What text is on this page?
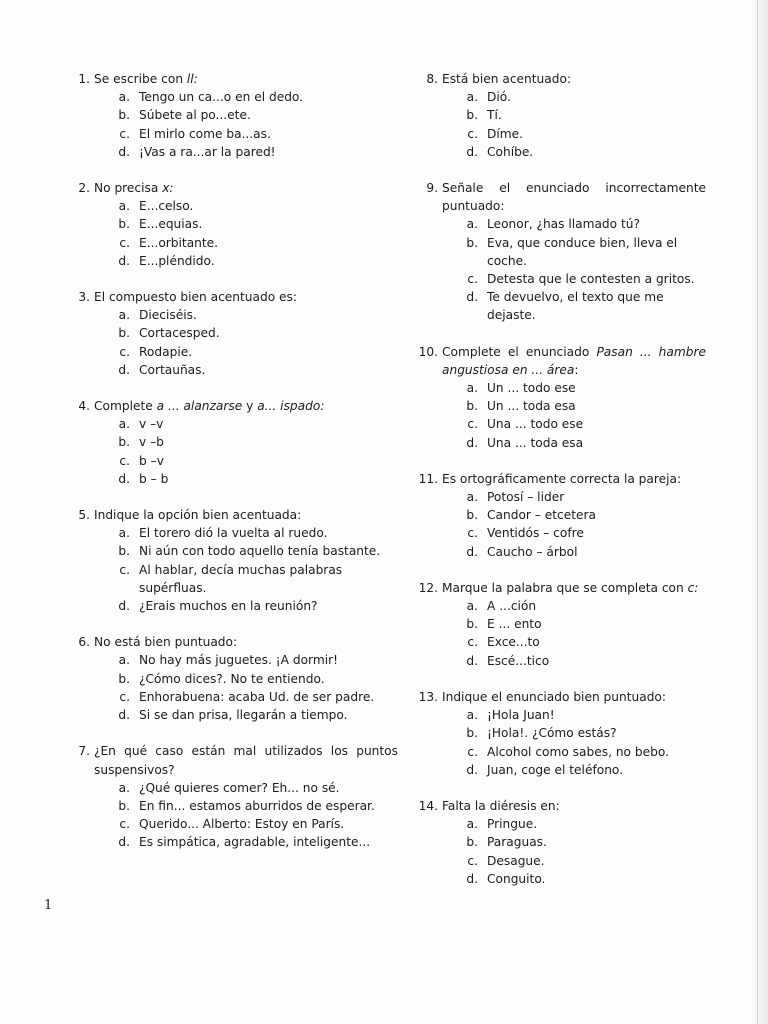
1. Se escribe con ll:
a. Tengo un ca...o en el dedo.
b. Súbete al po...ete.
c. El mirlo come ba...as.
d. ¡Vas a ra...ar la pared!
2. No precisa x:
a. E...celso.
b. E...equias.
c. E...orbitante.
d. E...pléndido.
3. El compuesto bien acentuado es:
a. Dieciséis.
b. Cortacesped.
c. Rodapie.
d. Cortauñas.
4. Complete a ... alanzarse y a... ispado:
a. v –v
b. v –b
c. b –v
d. b – b
5. Indique la opción bien acentuada:
a. El torero dió la vuelta al ruedo.
b. Ni aún con todo aquello tenía bastante.
c. Al hablar, decía muchas palabras supérfluas.
d. ¿Erais muchos en la reunión?
6. No está bien puntuado:
a. No hay más juguetes. ¡A dormir!
b. ¿Cómo dices?. No te entiendo.
c. Enhorabuena: acaba Ud. de ser padre.
d. Si se dan prisa, llegarán a tiempo.
7. ¿En qué caso están mal utilizados los puntos suspensivos?
a. ¿Qué quieres comer? Eh... no sé.
b. En fin... estamos aburridos de esperar.
c. Querido... Alberto: Estoy en París.
d. Es simpática, agradable, inteligente...
8. Está bien acentuado:
a. Dió.
b. Tí.
c. Díme.
d. Cohíbe.
9. Señale el enunciado incorrectamente puntuado:
a. Leonor, ¿has llamado tú?
b. Eva, que conduce bien, lleva el coche.
c. Detesta que le contesten a gritos.
d. Te devuelvo, el texto que me dejaste.
10. Complete el enunciado Pasan ... hambre angustiosa en ... área:
a. Un ... todo ese
b. Un ... toda esa
c. Una ... todo ese
d. Una ... toda esa
11. Es ortográficamente correcta la pareja:
a. Potosí – lider
b. Candor – etcetera
c. Ventidós – cofre
d. Caucho – árbol
12. Marque la palabra que se completa con c:
a. A ...ción
b. E ... ento
c. Exce...to
d. Escé...tico
13. Indique el enunciado bien puntuado:
a. ¡Hola Juan!
b. ¡Hola!. ¿Cómo estás?
c. Alcohol como sabes, no bebo.
d. Juan, coge el teléfono.
14. Falta la diéresis en:
a. Pringue.
b. Paraguas.
c. Desague.
d. Conguito.
1
